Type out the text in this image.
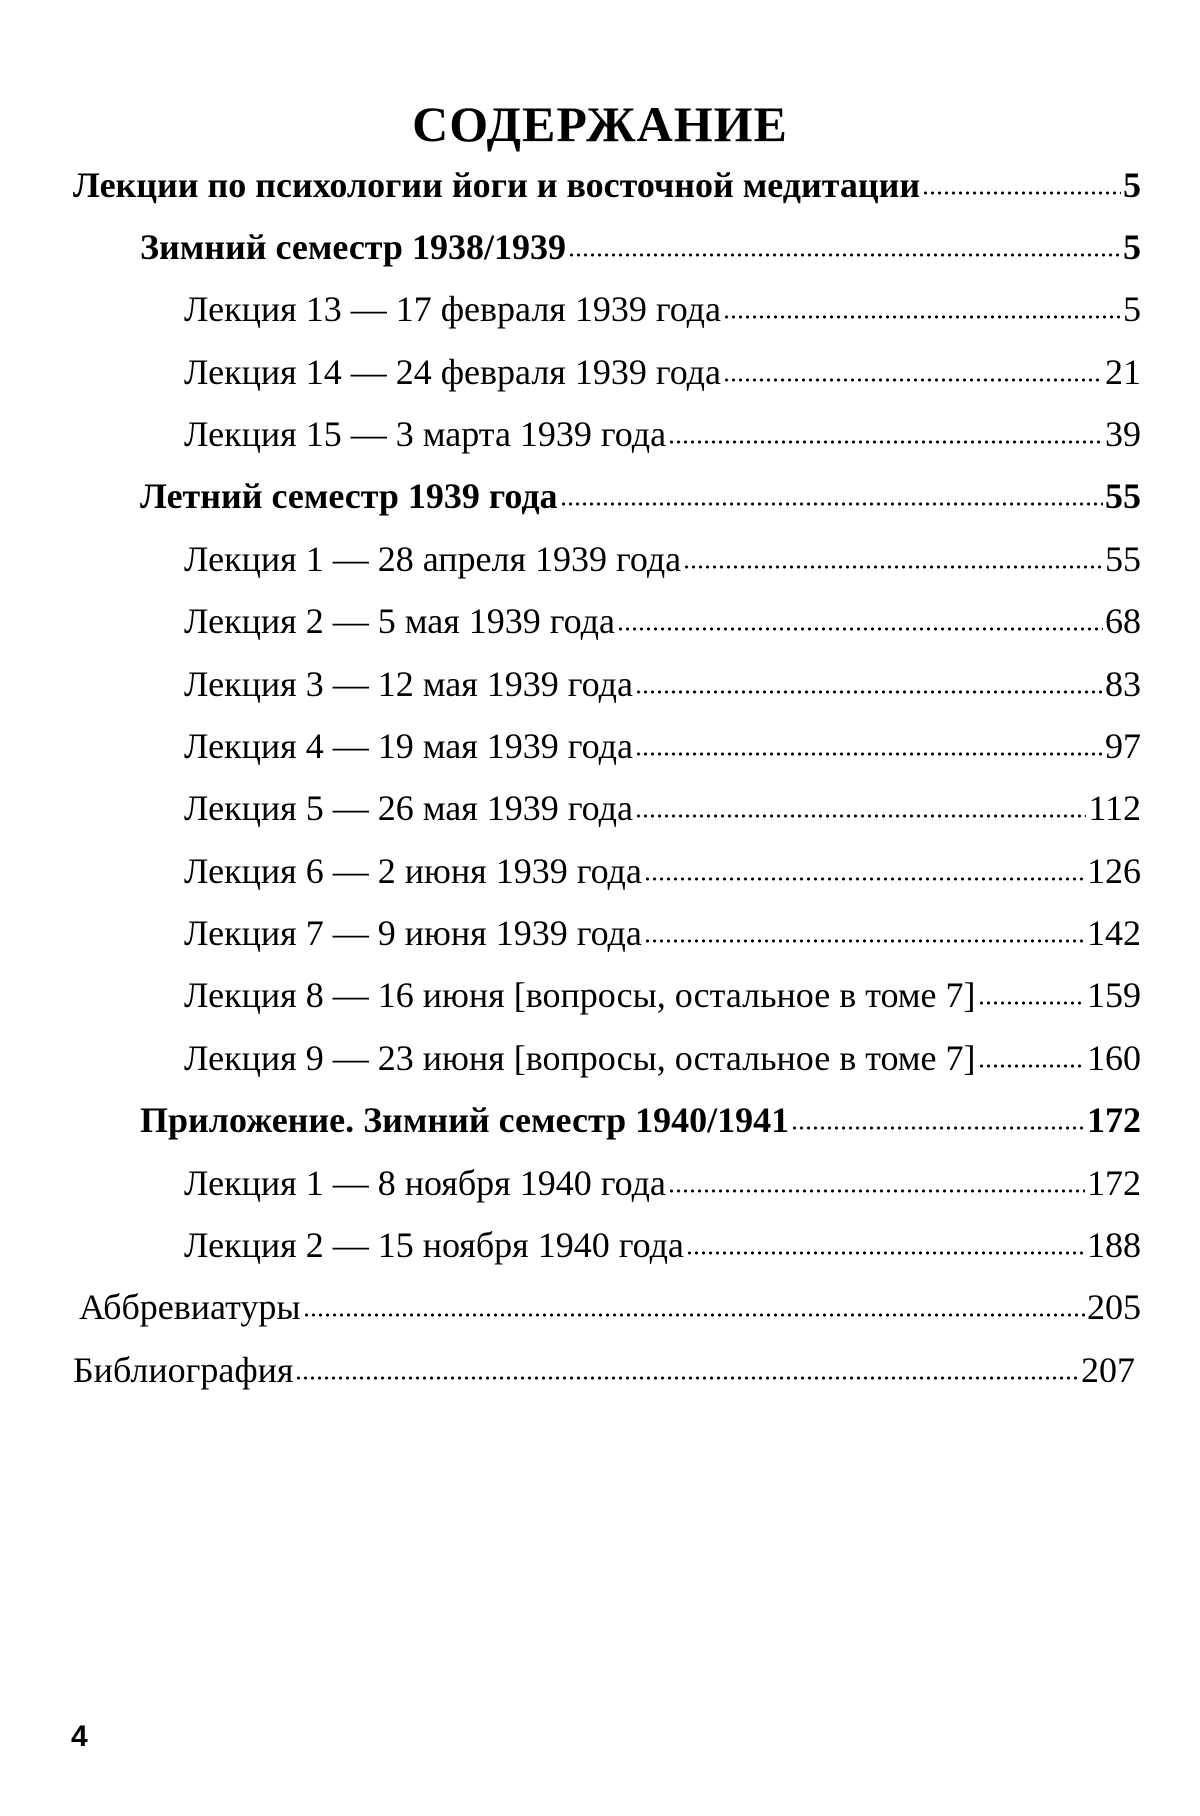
СОДЕРЖАНИЕ
Лекции по психологии йоги и восточной медитации	5
Зимний семестр 1938/1939	5
Лекция 13 — 17 февраля 1939 года	5
Лекция 14 — 24 февраля 1939 года	21
Лекция 15 — 3 марта 1939 года	39
Летний семестр 1939 года	55
Лекция 1 — 28 апреля 1939 года	55
Лекция 2 — 5 мая 1939 года	68
Лекция 3 — 12 мая 1939 года	83
Лекция 4 — 19 мая 1939 года	97
Лекция 5 — 26 мая 1939 года	112
Лекция 6 — 2 июня 1939 года	126
Лекция 7 — 9 июня 1939 года	142
Лекция 8 — 16 июня [вопросы, остальное в томе 7]	159
Лекция 9 — 23 июня [вопросы, остальное в томе 7]	160
Приложение. Зимний семестр 1940/1941	172
Лекция 1 — 8 ноября 1940 года	172
Лекция 2 — 15 ноября 1940 года	188
Аббревиатуры	205
Библиография	207
4
